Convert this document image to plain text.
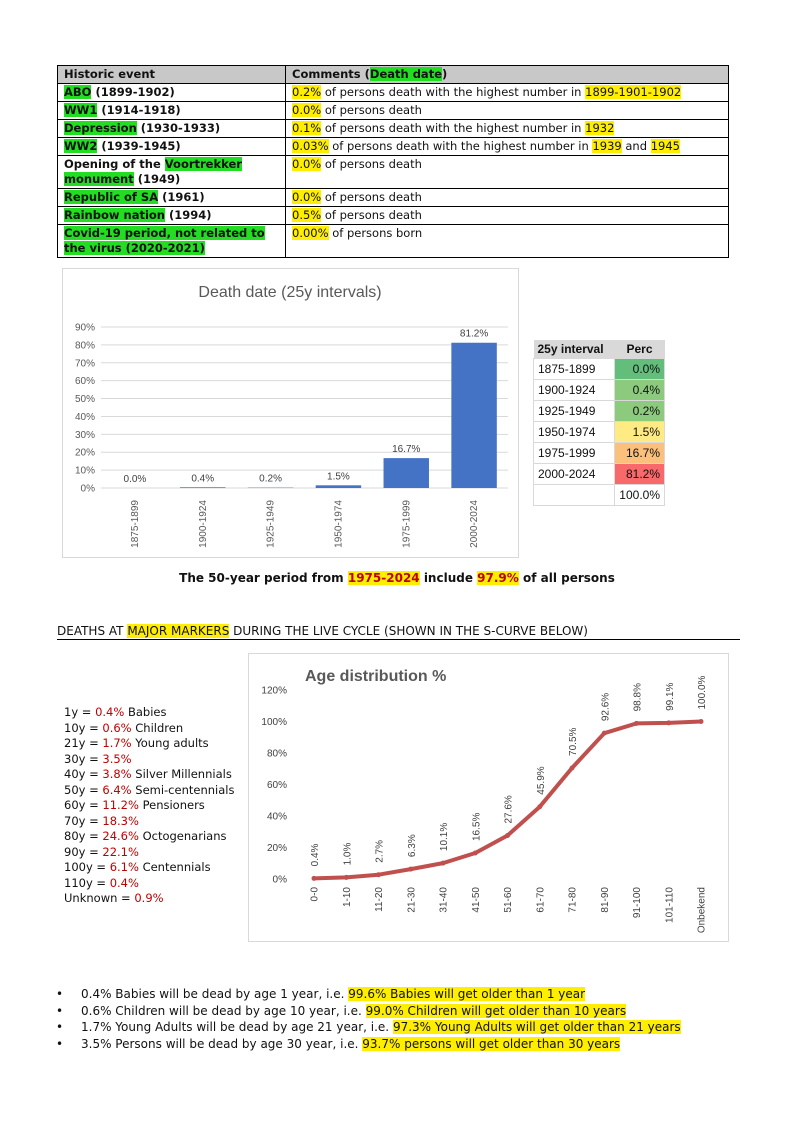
Historic event	Comments (Death date)
ABO (1899-1902)	0.2% of persons death with the highest number in 1899-1901-1902
WW1 (1914-1918)	0.0% of persons death
Depression (1930-1933)	0.1% of persons death with the highest number in 1932
WW2 (1939-1945)	0.03% of persons death with the highest number in 1939 and 1945
Opening of the Voortrekker monument (1949)	0.0% of persons death
Republic of SA (1961)	0.0% of persons death
Rainbow nation (1994)	0.5% of persons death
Covid-19 period, not related to the virus (2020-2021)	0.00% of persons born
Death date (25y intervals)
0%
10%
20%
30%
40%
50%
60%
70%
80%
90%
0.0%
1875-1899
0.4%
1900-1924
0.2%
1925-1949
1.5%
1950-1974
16.7%
1975-1999
81.2%
2000-2024
25y interval	Perc
1875-1899	0.0%
1900-1924	0.4%
1925-1949	0.2%
1950-1974	1.5%
1975-1999	16.7%
2000-2024	81.2%
	100.0%
The 50-year period from 1975-2024 include 97.9% of all persons
DEATHS AT MAJOR MARKERS DURING THE LIVE CYCLE (SHOWN IN THE S-CURVE BELOW)
1y = 0.4% Babies
10y = 0.6% Children
21y = 1.7% Young adults
30y = 3.5%
40y = 3.8% Silver Millennials
50y = 6.4% Semi-centennials
60y = 11.2% Pensioners
70y = 18.3%
80y = 24.6% Octogenarians
90y = 22.1%
100y = 6.1% Centennials
110y = 0.4%
Unknown = 0.9%
Age distribution %
0%
20%
40%
60%
80%
100%
120%
0.4%
0-0
1.0%
1-10
2.7%
11-20
6.3%
21-30
10.1%
31-40
16.5%
41-50
27.6%
51-60
45.9%
61-70
70.5%
71-80
92.6%
81-90
98.8%
91-100
99.1%
101-110
100.0%
Onbekend
• 0.4% Babies will be dead by age 1 year, i.e. 99.6% Babies will get older than 1 year
• 0.6% Children will be dead by age 10 year, i.e. 99.0% Children will get older than 10 years
• 1.7% Young Adults will be dead by age 21 year, i.e. 97.3% Young Adults will get older than 21 years
• 3.5% Persons will be dead by age 30 year, i.e. 93.7% persons will get older than 30 years
